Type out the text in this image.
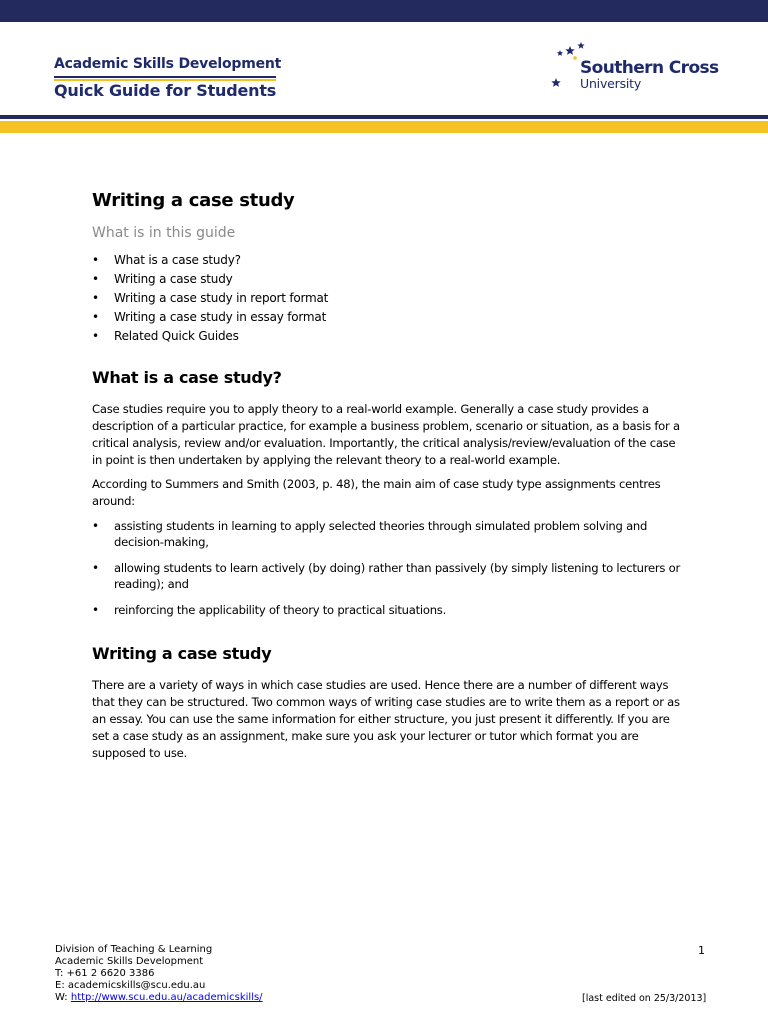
Academic Skills Development
Quick Guide for Students
Southern Cross
University
Writing a case study
What is in this guide
• What is a case study?
• Writing a case study
• Writing a case study in report format
• Writing a case study in essay format
• Related Quick Guides
What is a case study?

Case studies require you to apply theory to a real-world example. Generally a case study provides a description of a particular practice, for example a business problem, scenario or situation, as a basis for a critical analysis, review and/or evaluation. Importantly, the critical analysis/review/evaluation of the case in point is then undertaken by applying the relevant theory to a real-world example.

According to Summers and Smith (2003, p. 48), the main aim of case study type assignments centres around:

• assisting students in learning to apply selected theories through simulated problem solving and decision-making,
• allowing students to learn actively (by doing) rather than passively (by simply listening to lecturers or reading); and
• reinforcing the applicability of theory to practical situations.
Writing a case study

There are a variety of ways in which case studies are used. Hence there are a number of different ways that they can be structured. Two common ways of writing case studies are to write them as a report or as an essay. You can use the same information for either structure, you just present it differently. If you are set a case study as an assignment, make sure you ask your lecturer or tutor which format you are supposed to use.

Division of Teaching & Learning
Academic Skills Development
T: +61 2 6620 3386
E: academicskills@scu.edu.au
W: http://www.scu.edu.au/academicskills/
1
[last edited on 25/3/2013]
